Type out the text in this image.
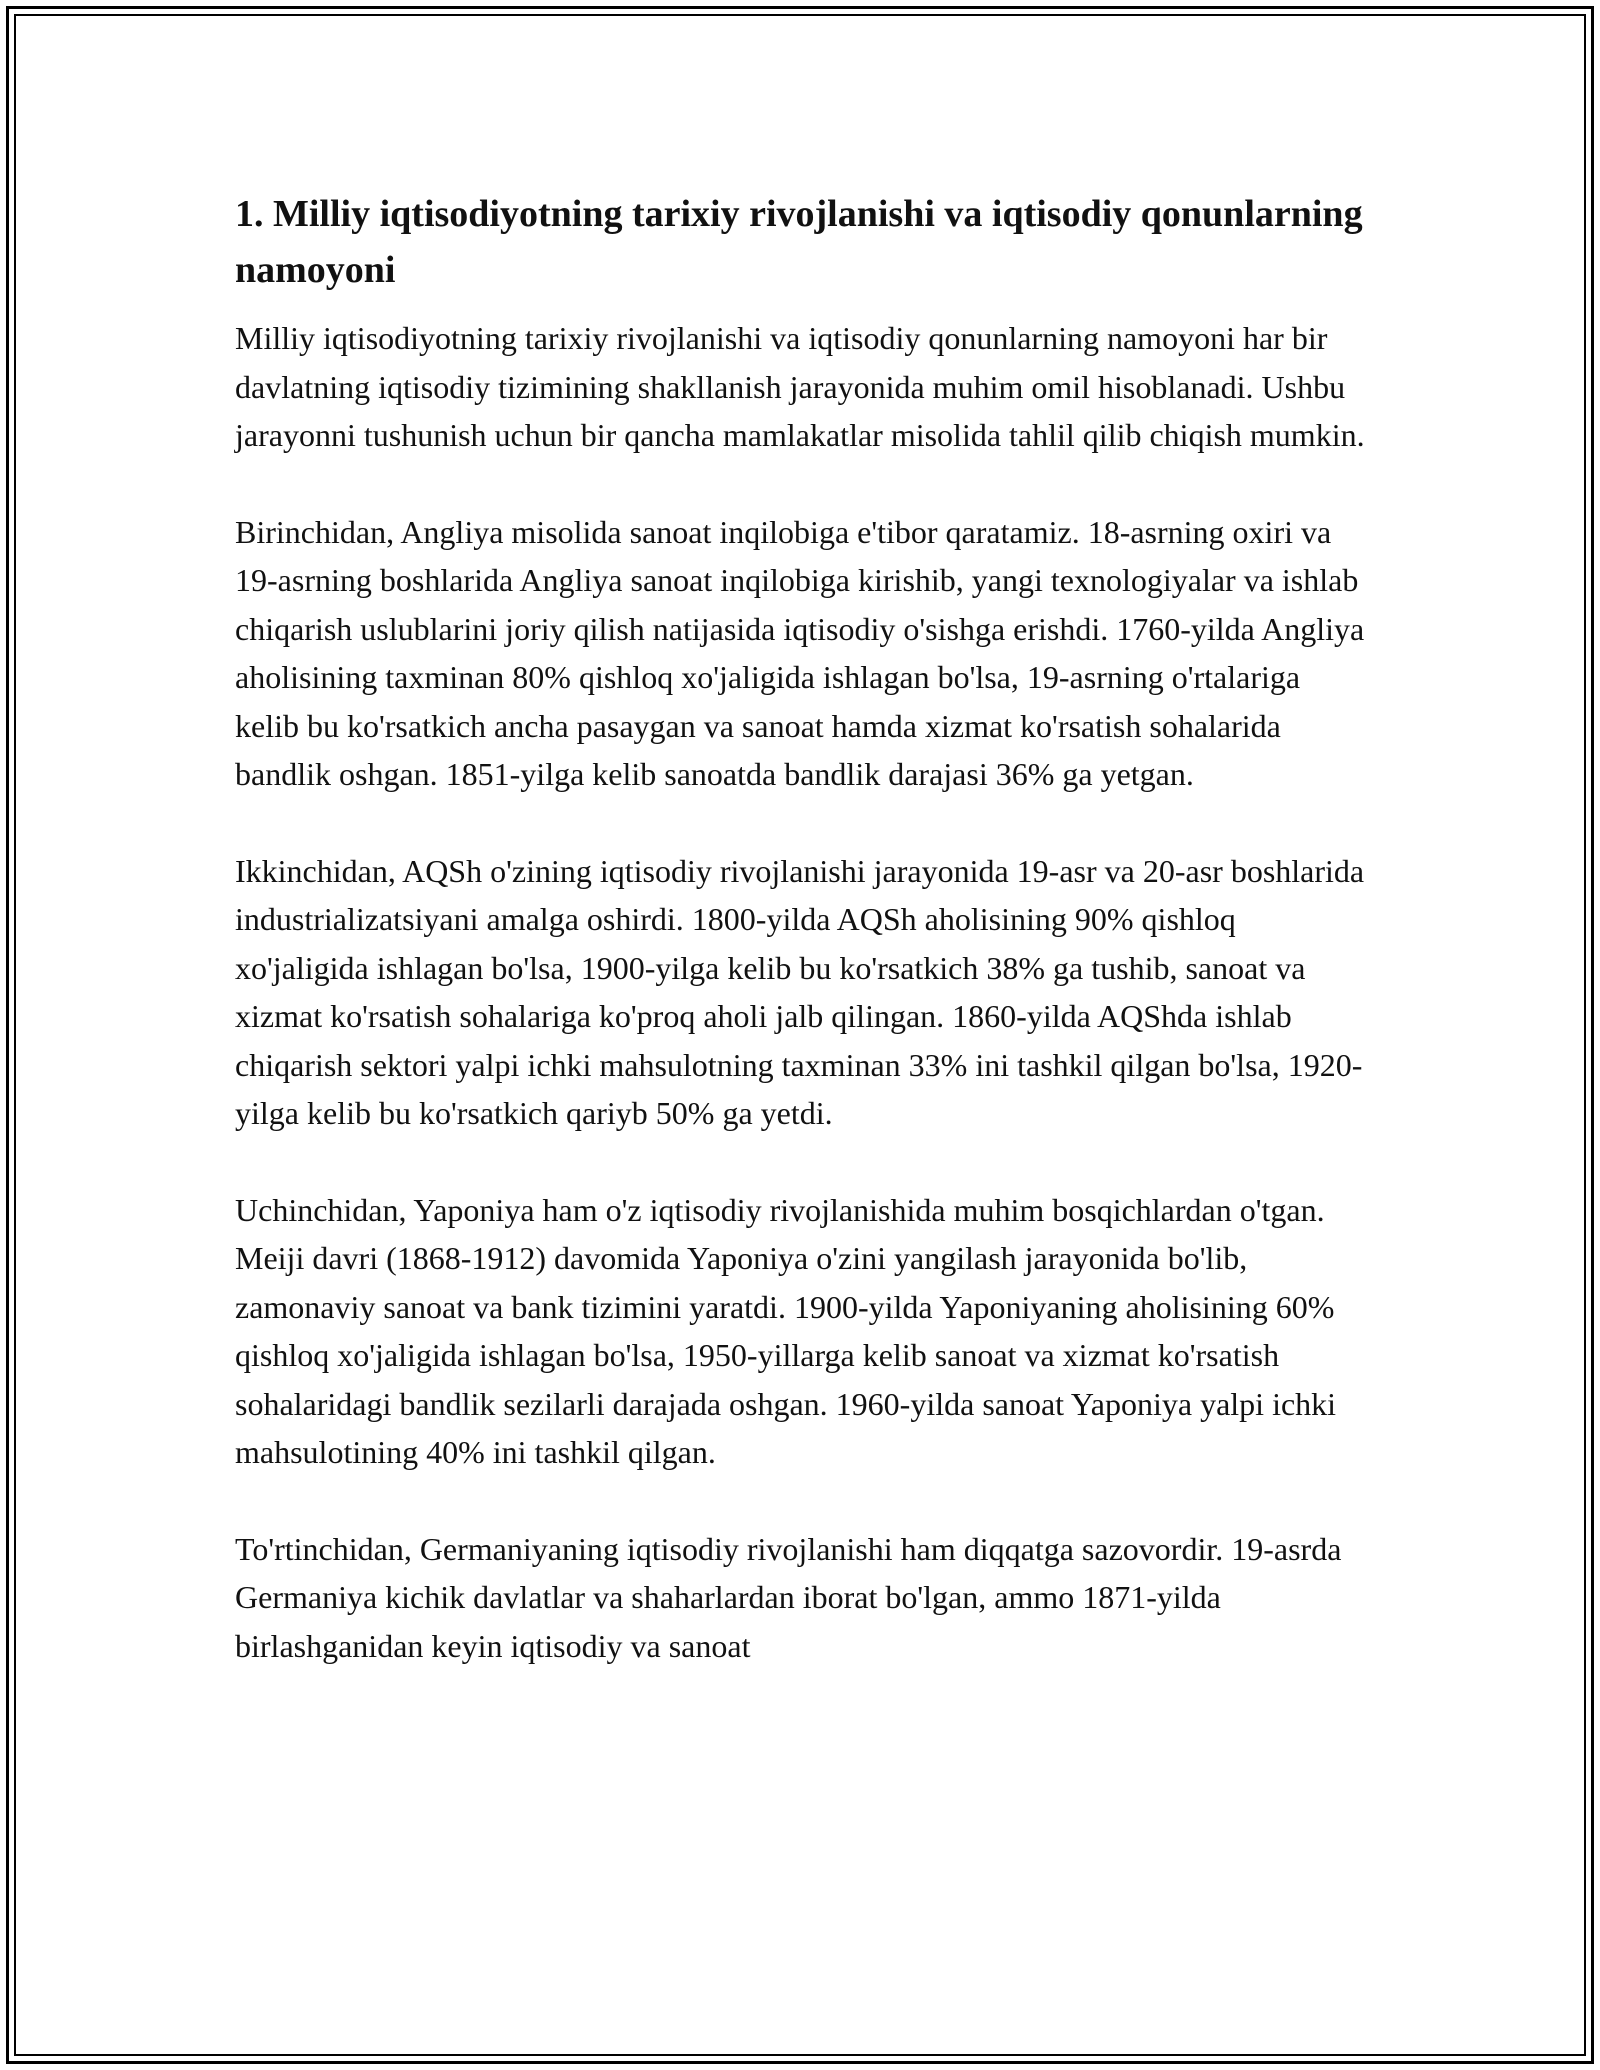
1. Milliy iqtisodiyotning tarixiy rivojlanishi va iqtisodiy qonunlarning namoyoni

Milliy iqtisodiyotning tarixiy rivojlanishi va iqtisodiy qonunlarning namoyoni har bir davlatning iqtisodiy tizimining shakllanish jarayonida muhim omil hisoblanadi. Ushbu jarayonni tushunish uchun bir qancha mamlakatlar misolida tahlil qilib chiqish mumkin.

Birinchidan, Angliya misolida sanoat inqilobiga e'tibor qaratamiz. 18-asrning oxiri va 19-asrning boshlarida Angliya sanoat inqilobiga kirishib, yangi texnologiyalar va ishlab chiqarish uslublarini joriy qilish natijasida iqtisodiy o'sishga erishdi. 1760-yilda Angliya aholisining taxminan 80% qishloq xo'jaligida ishlagan bo'lsa, 19-asrning o'rtalariga kelib bu ko'rsatkich ancha pasaygan va sanoat hamda xizmat ko'rsatish sohalarida bandlik oshgan. 1851-yilga kelib sanoatda bandlik darajasi 36% ga yetgan.

Ikkinchidan, AQSh o'zining iqtisodiy rivojlanishi jarayonida 19-asr va 20-asr boshlarida industrializatsiyani amalga oshirdi. 1800-yilda AQSh aholisining 90% qishloq xo'jaligida ishlagan bo'lsa, 1900-yilga kelib bu ko'rsatkich 38% ga tushib, sanoat va xizmat ko'rsatish sohalariga ko'proq aholi jalb qilingan. 1860-yilda AQShda ishlab chiqarish sektori yalpi ichki mahsulotning taxminan 33% ini tashkil qilgan bo'lsa, 1920-yilga kelib bu ko'rsatkich qariyb 50% ga yetdi.

Uchinchidan, Yaponiya ham o'z iqtisodiy rivojlanishida muhim bosqichlardan o'tgan. Meiji davri (1868-1912) davomida Yaponiya o'zini yangilash jarayonida bo'lib, zamonaviy sanoat va bank tizimini yaratdi. 1900-yilda Yaponiyaning aholisining 60% qishloq xo'jaligida ishlagan bo'lsa, 1950-yillarga kelib sanoat va xizmat ko'rsatish sohalaridagi bandlik sezilarli darajada oshgan. 1960-yilda sanoat Yaponiya yalpi ichki mahsulotining 40% ini tashkil qilgan.

To'rtinchidan, Germaniyaning iqtisodiy rivojlanishi ham diqqatga sazovordir. 19-asrda Germaniya kichik davlatlar va shaharlardan iborat bo'lgan, ammo 1871-yilda birlashganidan keyin iqtisodiy va sanoat
